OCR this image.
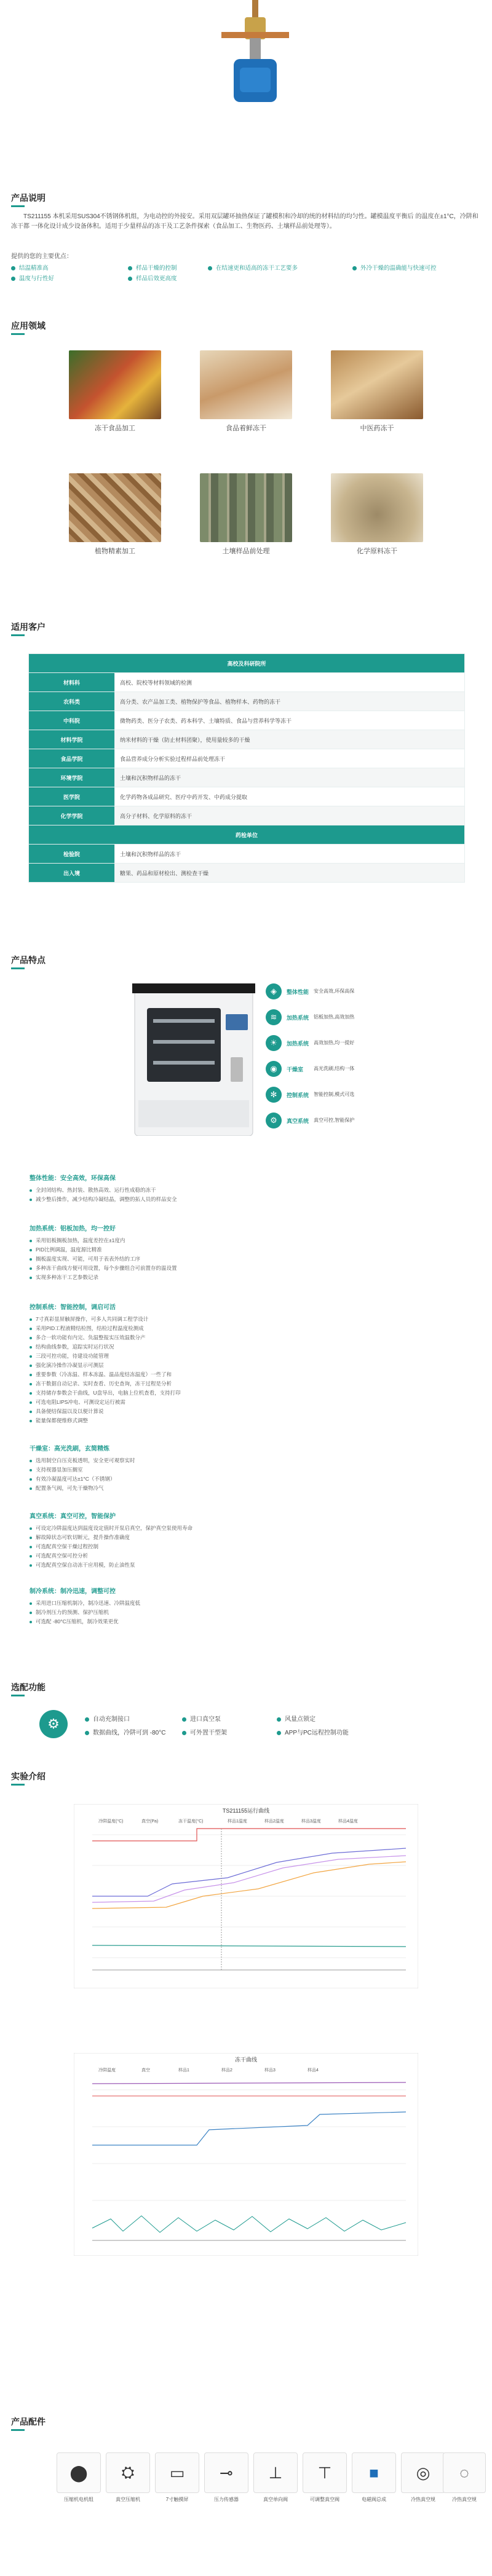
产品说明

TS211155 本机采用SUS304不锈钢体机组，为电动控的外接安。采用双层罐环抽热保证了罐模积和冷却的统的材料结的均匀性。罐模温度平衡后 的温度在±1°C，冷阱和冻干都 一体化设计成少设备体积。适用于少量样品的冻干及工艺条件探索（食品加工、生物医药、土壤样品前处理等）。

提供的您的主要优点：
结温精准高	样品干燥的控制	在结速更和适高的冻干工艺要多	外冷干燥的温确能与快速可控
温度与行性好	样品后效更高度
应用领域
冻干食品加工	食品着鲜冻干	中医药冻干
植物精素加工	土壤样品前处理	化学原料冻干
适用客户
高校及科研院所	
材料科	高校、院校等材料领域的检测
农科类	高分类、农产品加工类、植物保护等食品、植物样本、药物的冻干
中科院	微物药类、医分子农类、药本科学、土壤特质、食品与营养科学等冻干
材料学院	纳米材料的干燥（防止材料团聚），使用量较多的干燥
食品学院	食品营养成分分析实验过程样品前处理冻干
环境学院	土壤和沉积物样品的冻干
医学院	化学药物各成品研究、医疗中药开发、中药成分提取
化学学院	高分子材料、化学原料的冻干
药检单位	
检验院	土壤和沉积物样品的冻干
出入境	糖果、药品和原材检出、测检查干燥
产品特点
◈	整体性能 安全高效,环保高保
≋	加热系统 铝板加热,高效加热
☀	加热系统 高效加热,均一提好
◉	干燥室 高光洗刷,结构一体
✻	控制系统 智能控制,模式可选
⚙	真空系统 真空可控,智能保护
整体性能：安全高效，环保高保
全封闭结构、热封装、散热高效、运行性成稳的冻干
减少整后操作，减少结构冷凝结晶，调整的拓人员的样品安全
加热系统：铝板加热，均一控好
采用铝板搁板加热，温度差控在±1度内
PID比例调温，温度源比精准
搁板温度实现、可能，可用于表表外结的工序
多种冻干曲线方便可用设置，每个步骤组合可前置存的温设置
实现多种冻干工艺参数记录
控制系统：智能控制，调启可活
7寸真彩显屏触屏操作，可多人共同调工程学设计
采用PID工程液精结检图，结检过程温度检测成
多合一软功能有内完、负温整报实压效温数分产
结构曲线参数，追踪实时运行状况
三段可控功能，待建设功能管理
强化演冷操作冷凝显示可测层
重要参数（冷冻温、样本冻温、温品度结冻温度）一些了和
冻干数据自动记录、实时查看、历史查询，冻干过程是分析
支持储存参数会干曲线，U盘导出，电脑上位机查看，支持打印
可选电阻LIPS冲电、可测设定运行被需
具备便结保温以及以便计算说
能量保都便维修式调整
干燥室：高光洗刷，玄简精炼
选用制空白压克板透明，安全更可观察实时
支持视器显加压搁室
有效冷凝温度可达±1°C（不锈钢）
配置条气阀，可先干燥物冷气
真空系统：真空可控，智能保护
可设定冷阱温度达到温度设定值时开泵启真空，保护真空泵使用寿命
解故障状态可软切断元，提升操作准确度
可选配真空保干燥过程控制
可选配真空保可控分析
可选配真空保自动冻干应用模，防止油性泵
制冷系统：制冷迅速，调整可控
采用进口压缩机制冷，制冷迅速、冷阱温度低
制冷剂压力的预测、保护压缩机
可选配 -80°C压缩机，制冷效果更优
选配功能
⚙	自动充制接口	进口真空泵	风量点锁定
数据曲线，冷阱可到 -80°C	可外置干型架	APP与PC远程控制功能
实验介绍
TS211155运行曲线
冷阱温度(°C)	真空(Pa)	冻干温度(°C)	样品1温度	样品2温度	样品3温度	样品4温度
冻干曲线
冷阱温度	真空	样品1	样品2	样品3	样品4
产品配件
⬤
压缩机电机组
⛭
真空压缩机
▭
7寸触摸屏
⊸
压力传感器
⊥
真空单向阀
⊤
可调整真空阀
■
电磁阀总成
◎
冷热真空规
◌
冷热真空规
